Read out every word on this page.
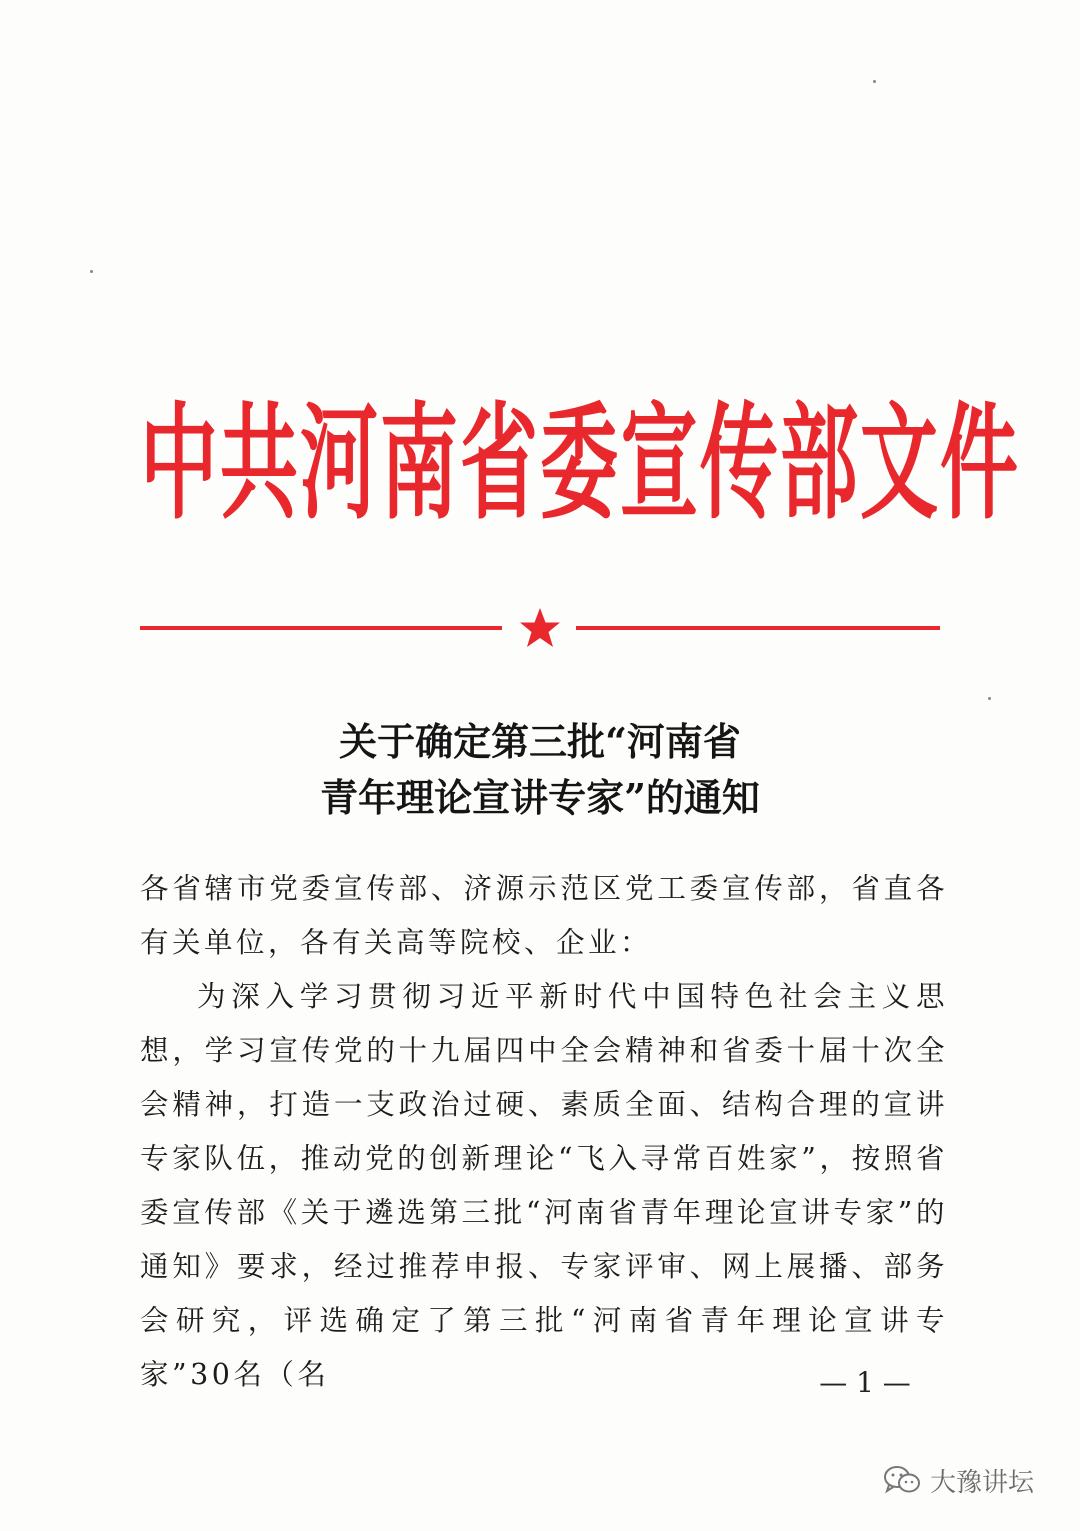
中共河南省委宣传部文件
关于确定第三批“河南省
青年理论宣讲专家”的通知

各省辖市党委宣传部、济源示范区党工委宣传部，省直各有关单位，各有关高等院校、企业：

为深入学习贯彻习近平新时代中国特色社会主义思想，学习宣传党的十九届四中全会精神和省委十届十次全会精神，打造一支政治过硬、素质全面、结构合理的宣讲专家队伍，推动党的创新理论“飞入寻常百姓家”，按照省委宣传部《关于遴选第三批“河南省青年理论宣讲专家”的通知》要求，经过推荐申报、专家评审、网上展播、部务会研究，评选确定了第三批“河南省青年理论宣讲专家”30名（名	— 1 —
大豫讲坛
